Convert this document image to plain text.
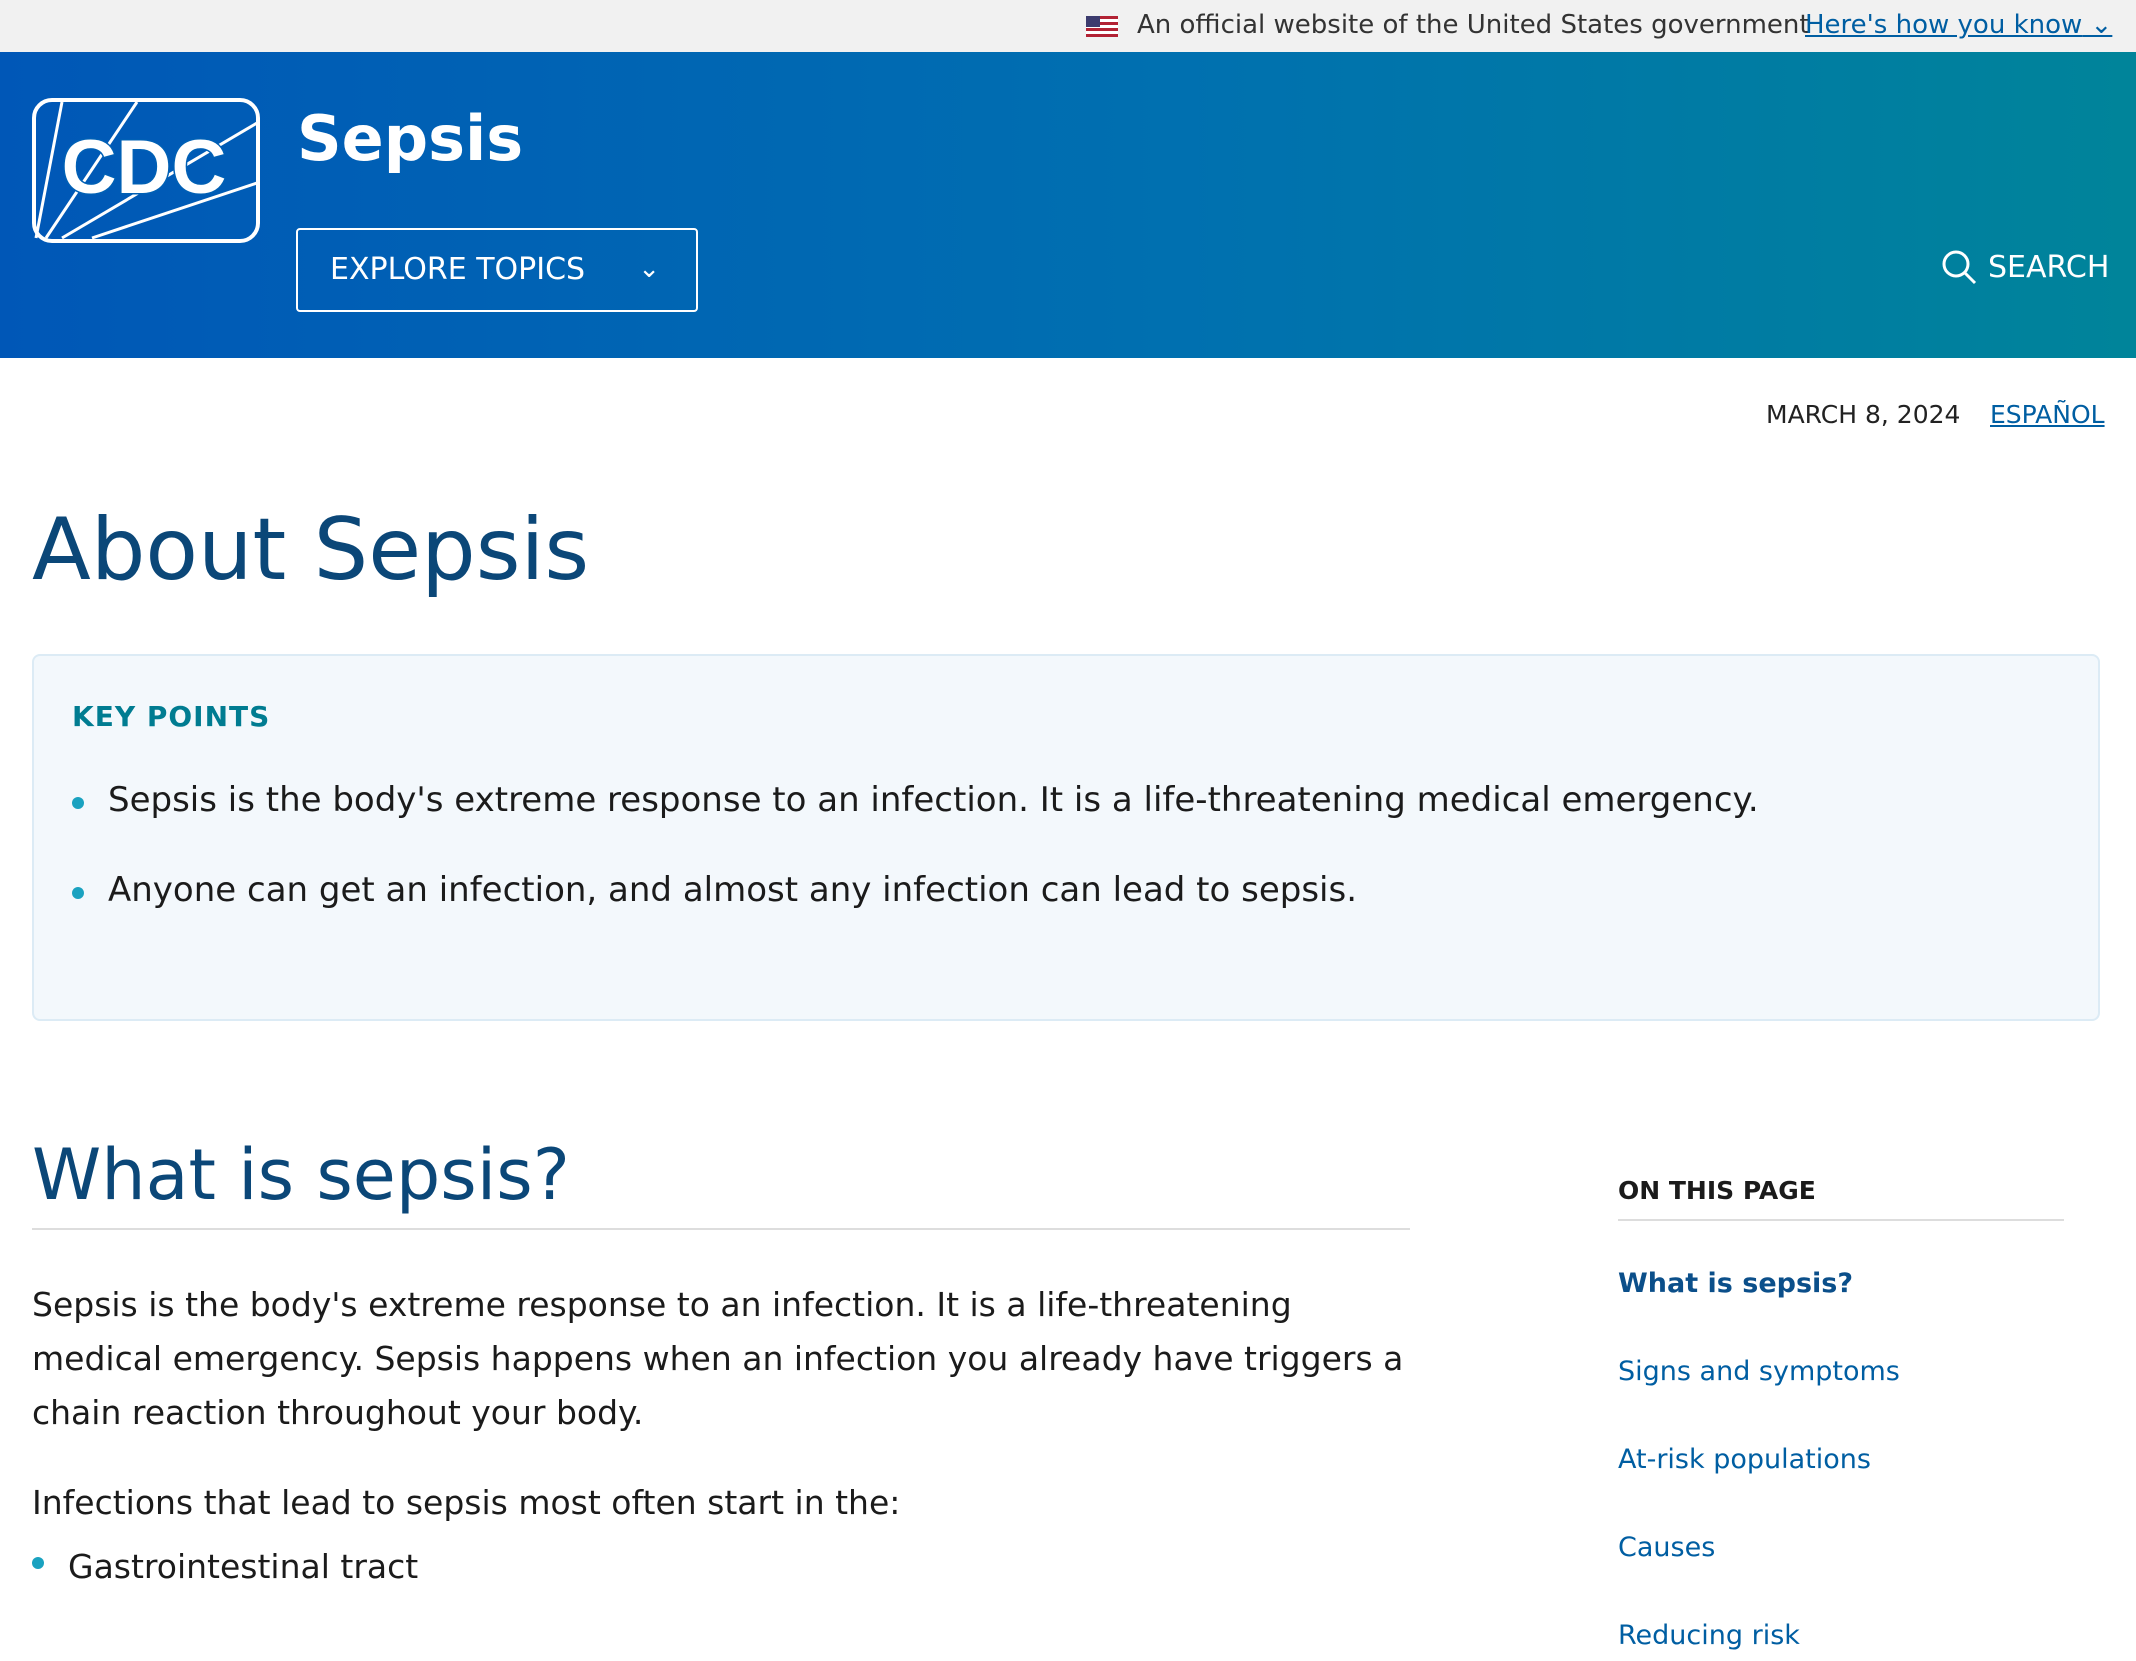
An official website of the United States government
Here's how you know ⌄
CDC Sepsis
EXPLORE TOPICS ⌄	SEARCH
MARCH 8, 2024 ESPAÑOL
About Sepsis
KEY POINTS
Sepsis is the body's extreme response to an infection. It is a life-threatening medical emergency.
Anyone can get an infection, and almost any infection can lead to sepsis.
What is sepsis?

Sepsis is the body's extreme response to an infection. It is a life-threatening medical emergency. Sepsis happens when an infection you already have triggers a chain reaction throughout your body.

Infections that lead to sepsis most often start in the:

Gastrointestinal tract
ON THIS PAGE
What is sepsis?
Signs and symptoms
At-risk populations
Causes
Reducing risk
